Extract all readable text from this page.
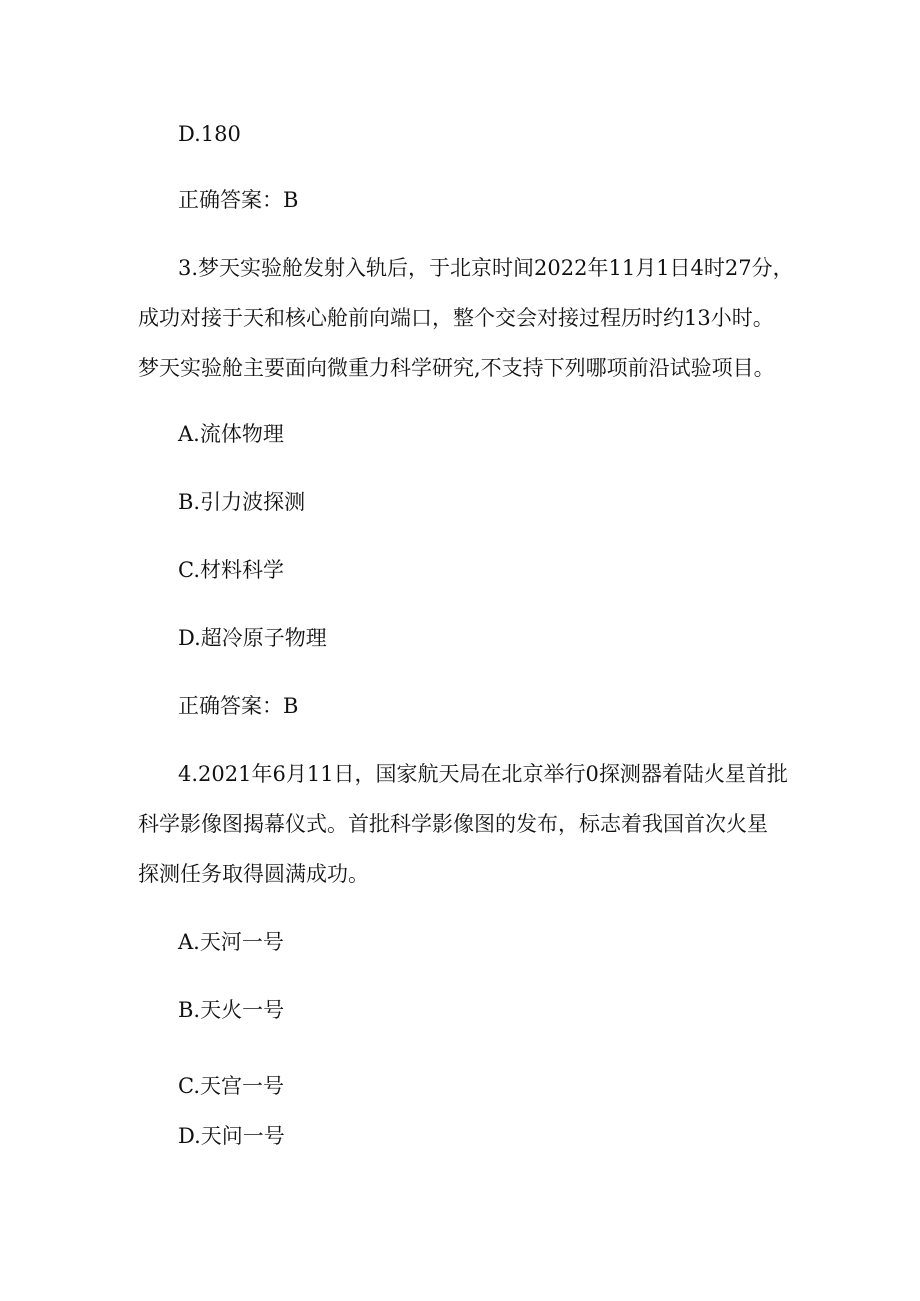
D.180
正确答案：B
3.梦天实验舱发射入轨后，于北京时间2022年11月1日4时27分，
成功对接于天和核心舱前向端口，整个交会对接过程历时约13小时。
梦天实验舱主要面向微重力科学研究,不支持下列哪项前沿试验项目。
A.流体物理
B.引力波探测
C.材料科学
D.超冷原子物理
正确答案：B
4.2021年6月11日，国家航天局在北京举行0探测器着陆火星首批
科学影像图揭幕仪式。首批科学影像图的发布，标志着我国首次火星
探测任务取得圆满成功。
A.天河一号
B.天火一号
C.天宫一号
D.天问一号
